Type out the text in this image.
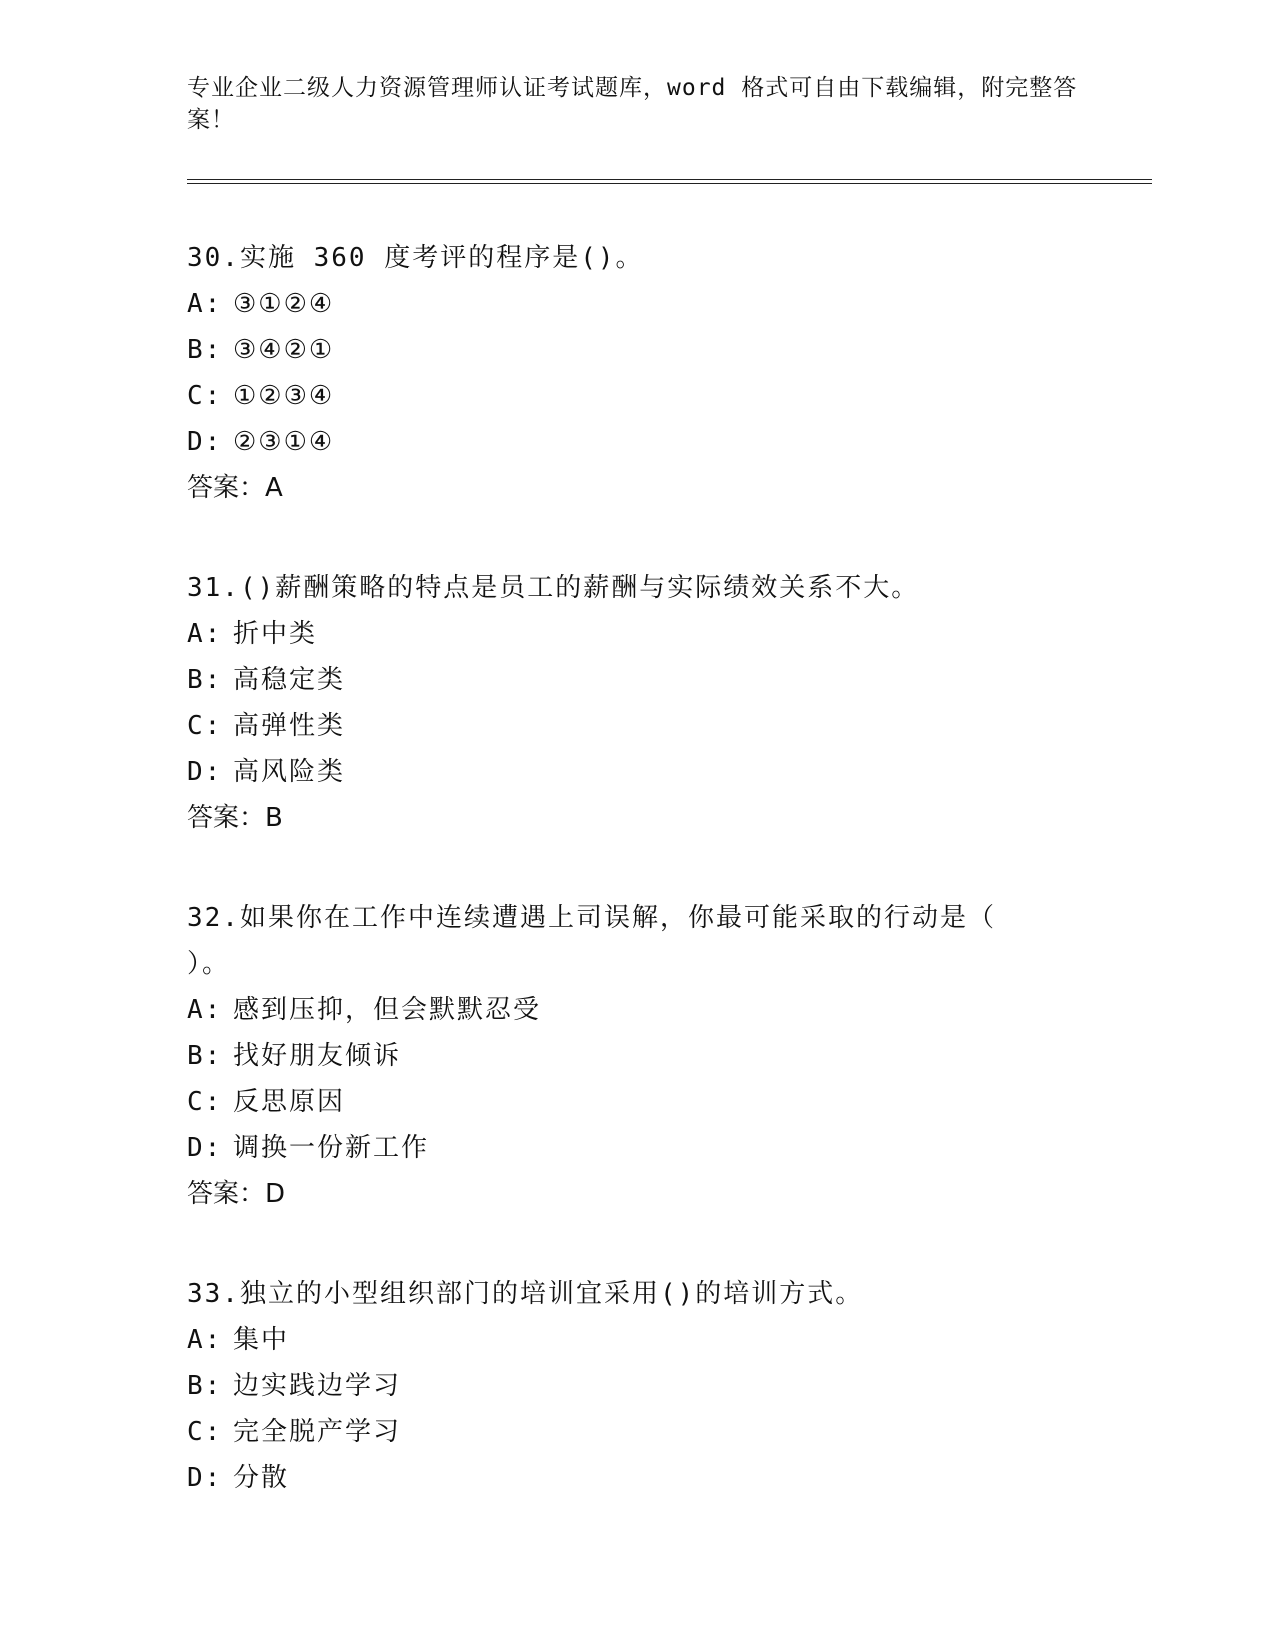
专业企业二级人力资源管理师认证考试题库，word 格式可自由下载编辑，附完整答案！
30.实施 360 度考评的程序是()。
A: ③①②④
B: ③④②①
C: ①②③④
D: ②③①④
答案：A
31.()薪酬策略的特点是员工的薪酬与实际绩效关系不大。
A: 折中类
B: 高稳定类
C: 高弹性类
D: 高风险类
答案：B
32.如果你在工作中连续遭遇上司误解，你最可能采取的行动是（ ）。
A: 感到压抑，但会默默忍受
B: 找好朋友倾诉
C: 反思原因
D: 调换一份新工作
答案：D
33.独立的小型组织部门的培训宜采用()的培训方式。
A: 集中
B: 边实践边学习
C: 完全脱产学习
D: 分散
